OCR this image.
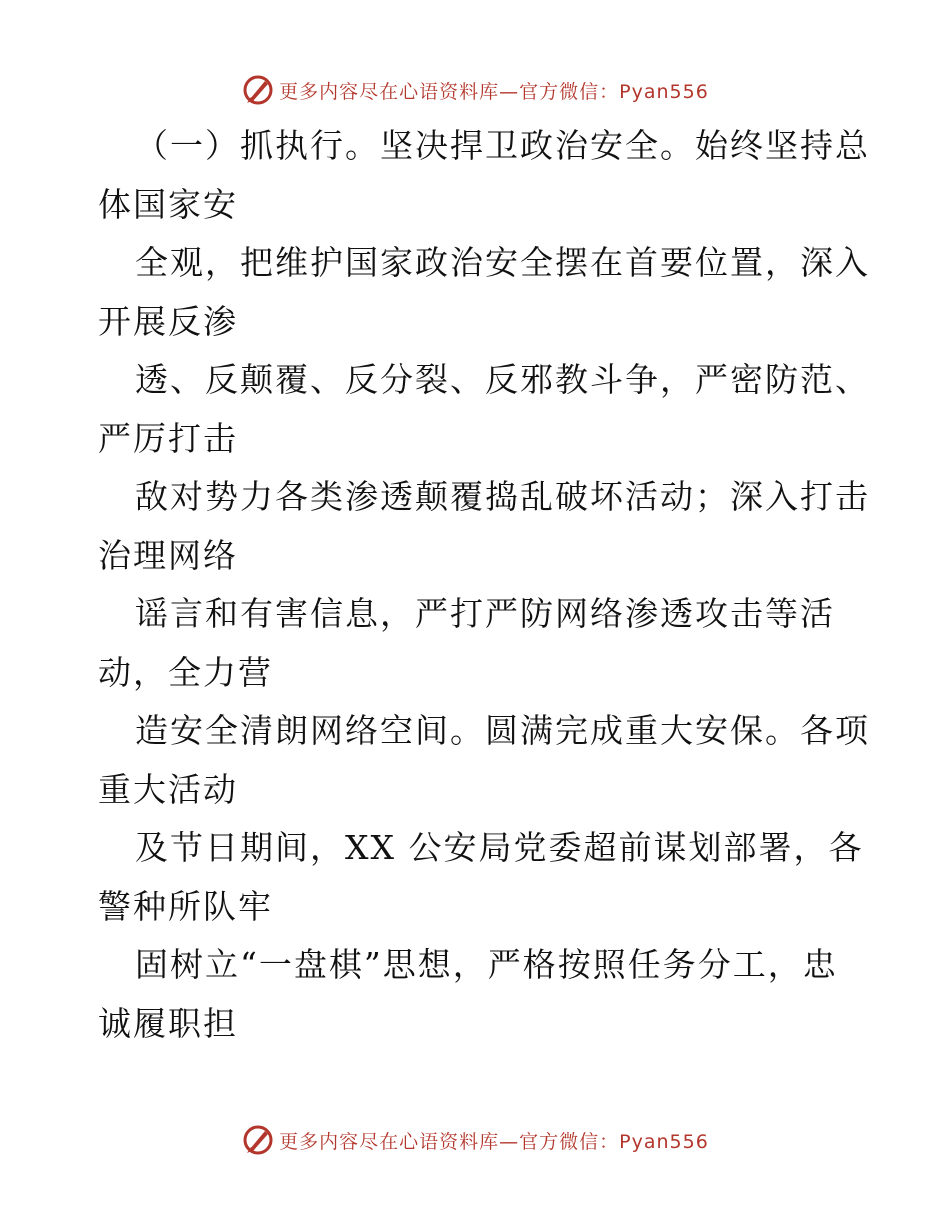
更多内容尽在心语资料库—官方微信：Pyan556
（一）抓执行。坚决捍卫政治安全。始终坚持总
体国家安
全观，把维护国家政治安全摆在首要位置，深入
开展反渗
透、反颠覆、反分裂、反邪教斗争，严密防范、
严厉打击
敌对势力各类渗透颠覆捣乱破坏活动；深入打击
治理网络
谣言和有害信息，严打严防网络渗透攻击等活
动，全力营
造安全清朗网络空间。圆满完成重大安保。各项
重大活动
及节日期间，XX 公安局党委超前谋划部署，各
警种所队牢
固树立“一盘棋”思想，严格按照任务分工，忠
诚履职担
更多内容尽在心语资料库—官方微信：Pyan556
